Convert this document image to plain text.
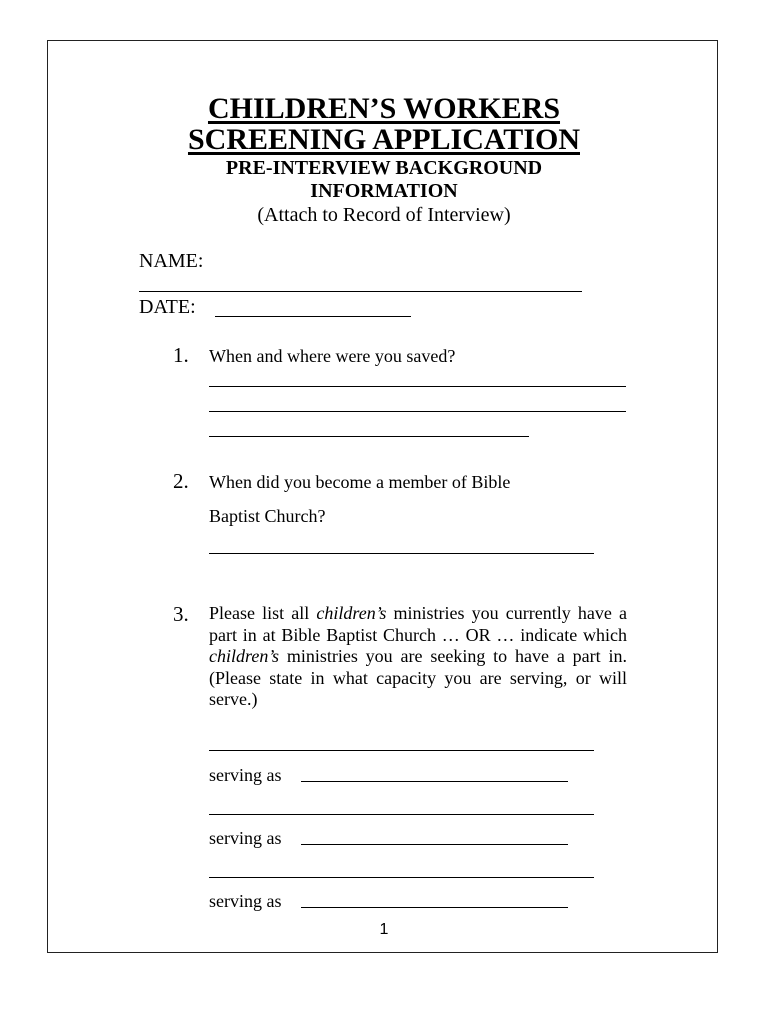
CHILDREN’S WORKERS
SCREENING APPLICATION
PRE-INTERVIEW BACKGROUND
INFORMATION
(Attach to Record of Interview)
NAME:
DATE:
1. When and where were you saved?
2. When did you become a member of Bible
Baptist Church?
3. Please list all children’s ministries you currently have a part in at Bible Baptist Church … OR … indicate which children’s ministries you are seeking to have a part in. (Please state in what capacity you are serving, or will serve.)
serving as
serving as
serving as
1
